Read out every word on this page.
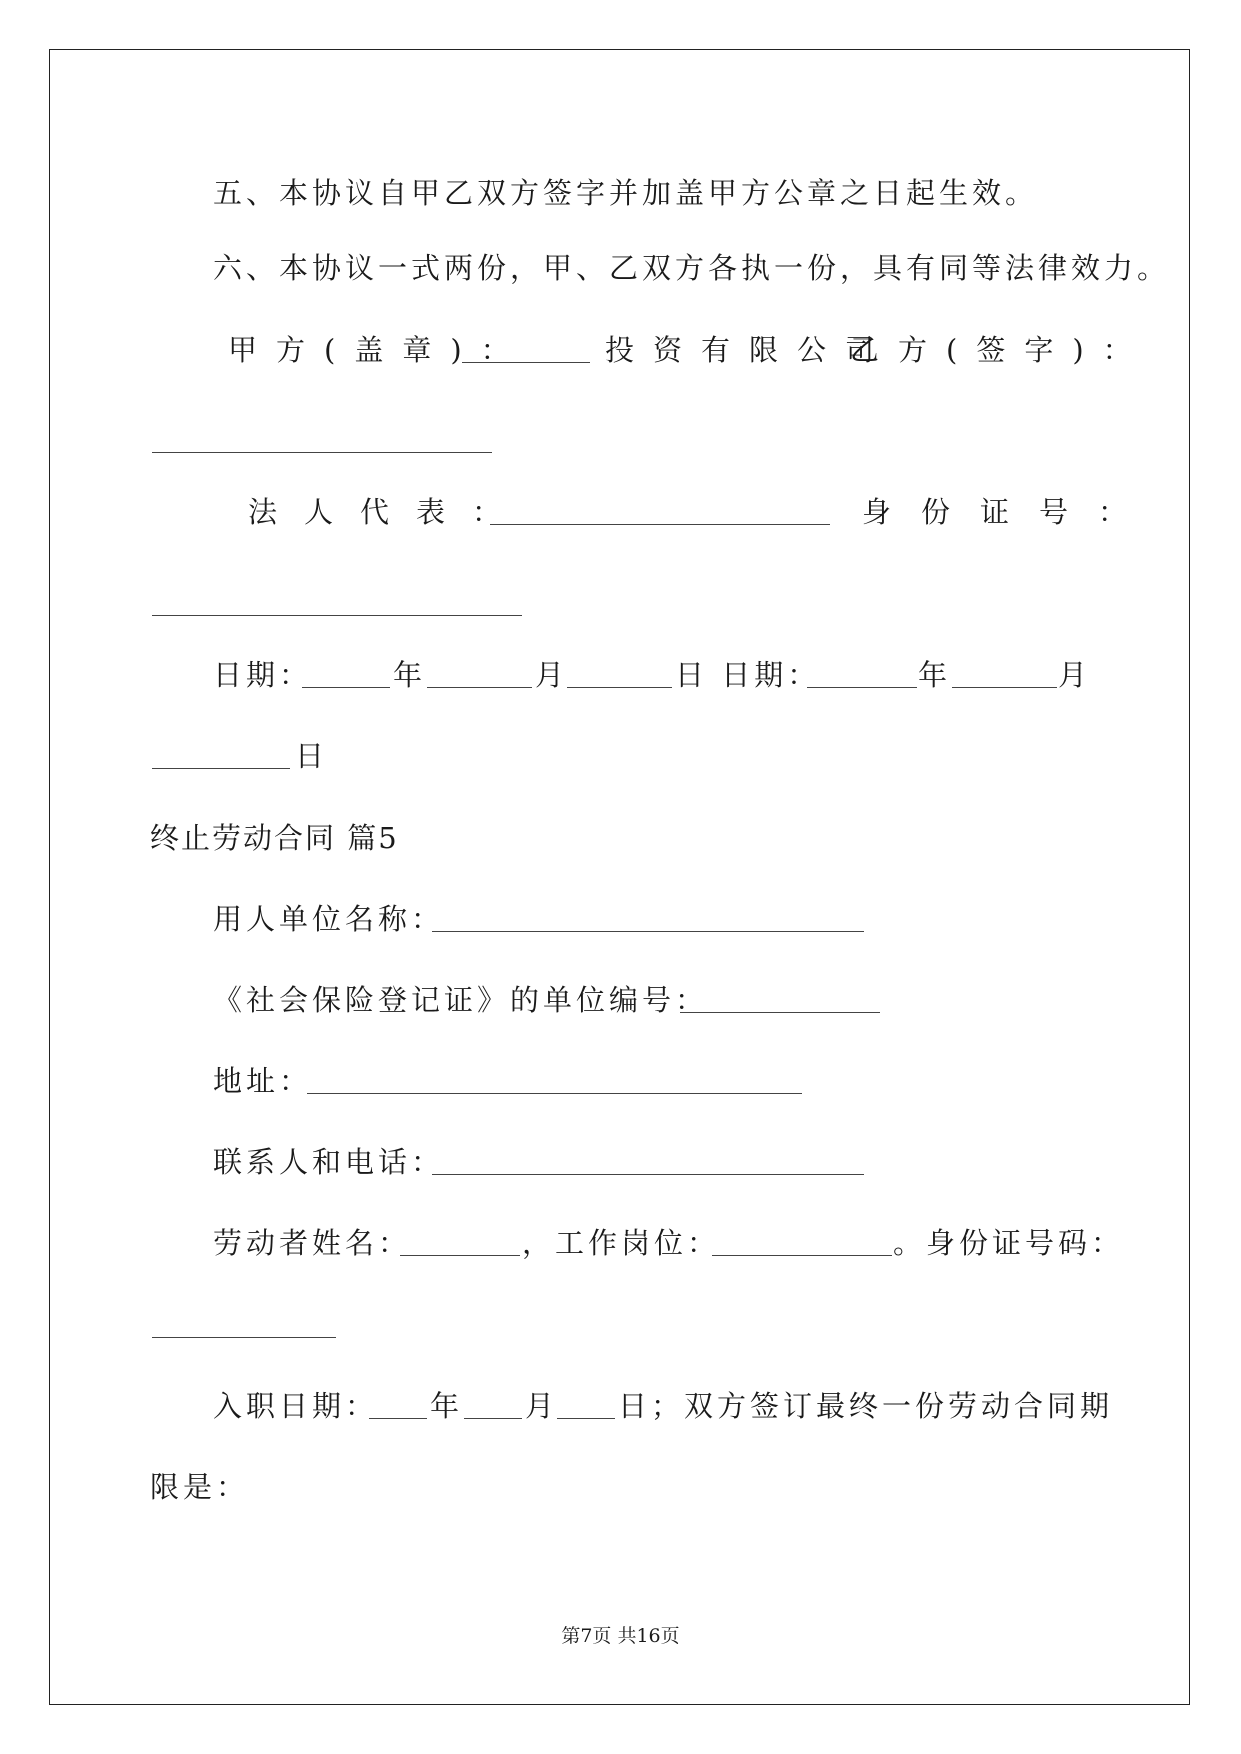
五、本协议自甲乙双方签字并加盖甲方公章之日起生效。
六、本协议一式两份，甲、乙双方各执一份，具有同等法律效力。
甲方(盖章)：	投资有限公司
乙方(签字)：
法人代表：	身份证号：
日期：	年	月	日 日期：	年	月
日
终止劳动合同 篇5
用人单位名称：
《社会保险登记证》的单位编号：
地址：
联系人和电话：
劳动者姓名：	，工作岗位：	。身份证号码：
入职日期： 年 月 日；双方签订最终一份劳动合同期
限是：
第7页 共16页
